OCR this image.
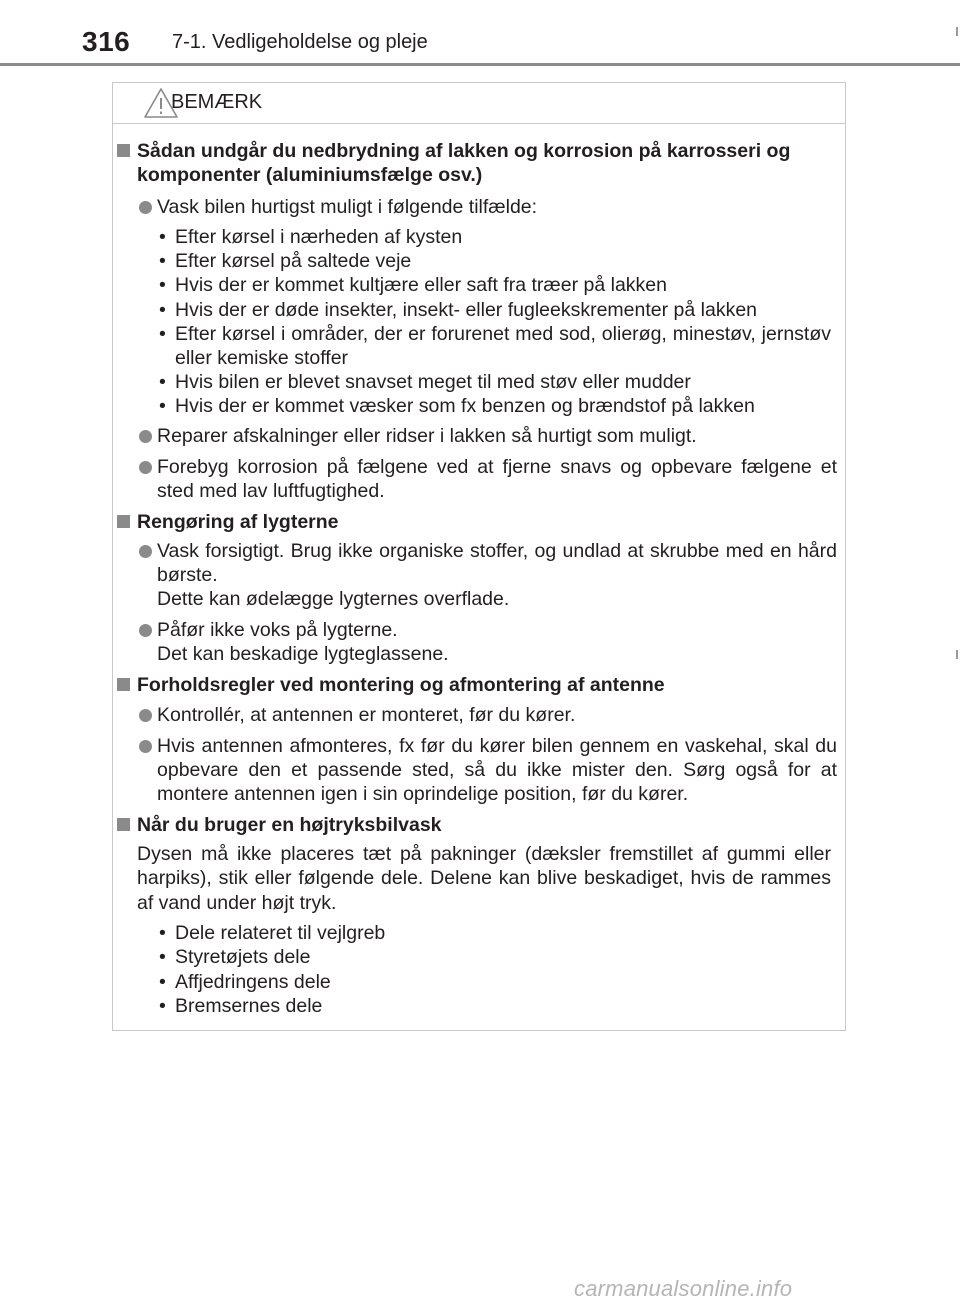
316 7-1. Vedligeholdelse og pleje
BEMÆRK
Sådan undgår du nedbrydning af lakken og korrosion på karrosseri og komponenter (aluminiumsfælge osv.)
Vask bilen hurtigst muligt i følgende tilfælde:
• Efter kørsel i nærheden af kysten
• Efter kørsel på saltede veje
• Hvis der er kommet kultjære eller saft fra træer på lakken
• Hvis der er døde insekter, insekt- eller fugleekskrementer på lakken
• Efter kørsel i områder, der er forurenet med sod, olierøg, minestøv, jernstøv eller kemiske stoffer
• Hvis bilen er blevet snavset meget til med støv eller mudder
• Hvis der er kommet væsker som fx benzen og brændstof på lakken
Reparer afskalninger eller ridser i lakken så hurtigt som muligt.
Forebyg korrosion på fælgene ved at fjerne snavs og opbevare fælgene et sted med lav luftfugtighed.
Rengøring af lygterne
Vask forsigtigt. Brug ikke organiske stoffer, og undlad at skrubbe med en hård børste.
Dette kan ødelægge lygternes overflade.
Påfør ikke voks på lygterne.
Det kan beskadige lygteglassene.
Forholdsregler ved montering og afmontering af antenne
Kontrollér, at antennen er monteret, før du kører.
Hvis antennen afmonteres, fx før du kører bilen gennem en vaskehal, skal du opbevare den et passende sted, så du ikke mister den. Sørg også for at montere antennen igen i sin oprindelige position, før du kører.
Når du bruger en højtryksbilvask
Dysen må ikke placeres tæt på pakninger (dæksler fremstillet af gummi eller harpiks), stik eller følgende dele. Delene kan blive beskadiget, hvis de rammes af vand under højt tryk.
• Dele relateret til vejlgreb
• Styretøjets dele
• Affjedringens dele
• Bremsernes dele
carmanualsonline.info
